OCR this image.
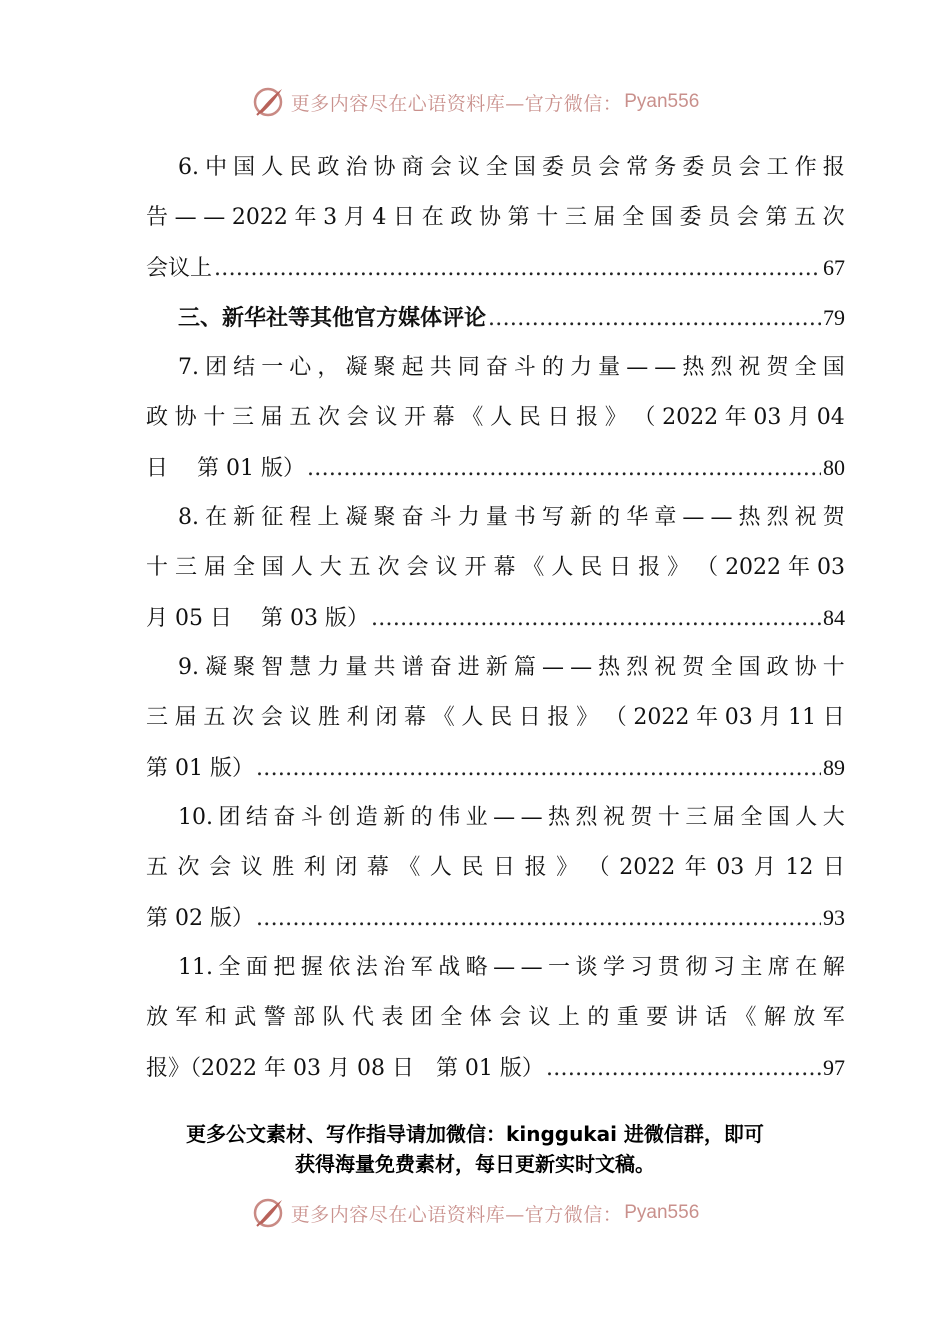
更多内容尽在心语资料库—官方微信： Pyan556
6. 中 国 人 民 政 治 协 商 会 议 全 国 委 员 会 常 务 委 员 会 工 作 报
告 — — 2022 年 3 月 4 日 在 政 协 第 十 三 届 全 国 委 员 会 第 五 次
会议上 .....	67
三、新华社等其他官方媒体评论 .....	79
7. 团 结 一 心 ， 凝 聚 起 共 同 奋 斗 的 力 量 — — 热 烈 祝 贺 全 国
政 协 十 三 届 五 次 会 议 开 幕 《 人 民 日 报 》 （ 2022 年 03 月 04
日　 第 01 版） .....	80
8. 在 新 征 程 上 凝 聚 奋 斗 力 量 书 写 新 的 华 章 — — 热 烈 祝 贺
十 三 届 全 国 人 大 五 次 会 议 开 幕 《 人 民 日 报 》 （ 2022 年 03
月 05 日　 第 03 版） .....	84
9. 凝 聚 智 慧 力 量 共 谱 奋 进 新 篇 — — 热 烈 祝 贺 全 国 政 协 十
三 届 五 次 会 议 胜 利 闭 幕 《 人 民 日 报 》 （ 2022 年 03 月 11 日
第 01 版） .....	89
10. 团 结 奋 斗 创 造 新 的 伟 业 — — 热 烈 祝 贺 十 三 届 全 国 人 大
五 次 会 议 胜 利 闭 幕 《 人 民 日 报 》 （ 2022 年 03 月 12 日
第 02 版） .....	93
11. 全 面 把 握 依 法 治 军 战 略 — — 一 谈 学 习 贯 彻 习 主 席 在 解
放 军 和 武 警 部 队 代 表 团 全 体 会 议 上 的 重 要 讲 话 《 解 放 军
报》（2022 年 03 月 08 日　第 01 版） .....	97
更多公文素材、写作指导请加微信：kinggukai 进微信群，即可
获得海量免费素材，每日更新实时文稿。
更多内容尽在心语资料库—官方微信： Pyan556
